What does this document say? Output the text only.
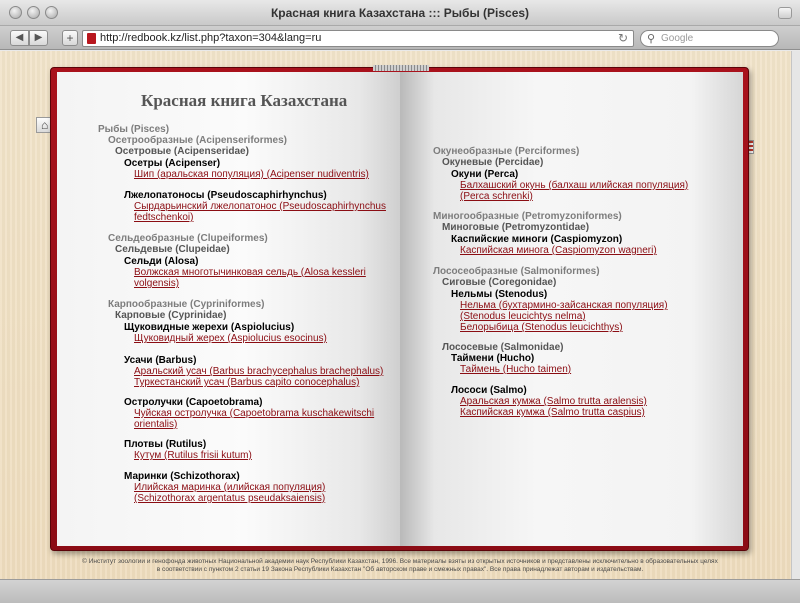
Красная книга Казахстана ::: Рыбы (Pisces)
◀	▶	+	http://redbook.kz/list.php?taxon=304&lang=ru	↻ ⚲ Google
⌂
Красная книга Казахстана
Рыбы (Pisces)
Осетрообразные (Acipenseriformes)
Осетровые (Acipenseridae)
Осетры (Acipenser)
Шип (аральская популяция) (Acipenser nudiventris)
Лжелопатоносы (Pseudoscaphirhynchus)
Сырдарьинский лжелопатонос (Pseudoscaphirhynchus
fedtschenkoi)
Сельдеобразные (Clupeiformes)
Сельдевые (Clupeidae)
Сельди (Alosa)
Волжская многотычинковая сельдь (Alosa kessleri
volgensis)
Карпообразные (Cypriniformes)
Карповые (Cyprinidae)
Щуковидные жерехи (Aspiolucius)
Щуковидный жерех (Aspiolucius esocinus)
Усачи (Barbus)
Аральский усач (Barbus brachycephalus brachephalus)
Туркестанский усач (Barbus capito conocephalus)
Остролучки (Capoetobrama)
Чуйская остролучка (Capoetobrama kuschakewitschi
orientalis)
Плотвы (Rutilus)
Кутум (Rutilus frisii kutum)
Маринки (Schizothorax)
Илийская маринка (илийская популяция)
(Schizothorax argentatus pseudaksaiensis)
Окунеобразные (Perciformes)
Окуневые (Percidae)
Окуни (Perca)
Балхашский окунь (балхаш илийская популяция)
(Perca schrenki)
Миногообразные (Petromyzoniformes)
Миноговые (Petromyzontidae)
Каспийские миноги (Caspiomyzon)
Каспийская минога (Caspiomyzon wagneri)
Лососеобразные (Salmoniformes)
Сиговые (Coregonidae)
Нельмы (Stenodus)
Нельма (бухтармино-зайсанская популяция)
(Stenodus leucichtys nelma)
Белорыбица (Stenodus leucichthys)
Лососевые (Salmonidae)
Таймени (Hucho)
Таймень (Hucho taimen)
Лососи (Salmo)
Аральская кумжа (Salmo trutta aralensis)
Каспийская кумжа (Salmo trutta caspius)
© Институт зоологии и генофонда животных Национальной академии наук Республики Казахстан, 1996. Все материалы взяты из открытых источников и представлены исключительно в образовательных целях
в соответствии с пунктом 2 статьи 19 Закона Республики Казахстан "Об авторском праве и смежных правах". Все права принадлежат авторам и издательствам.
